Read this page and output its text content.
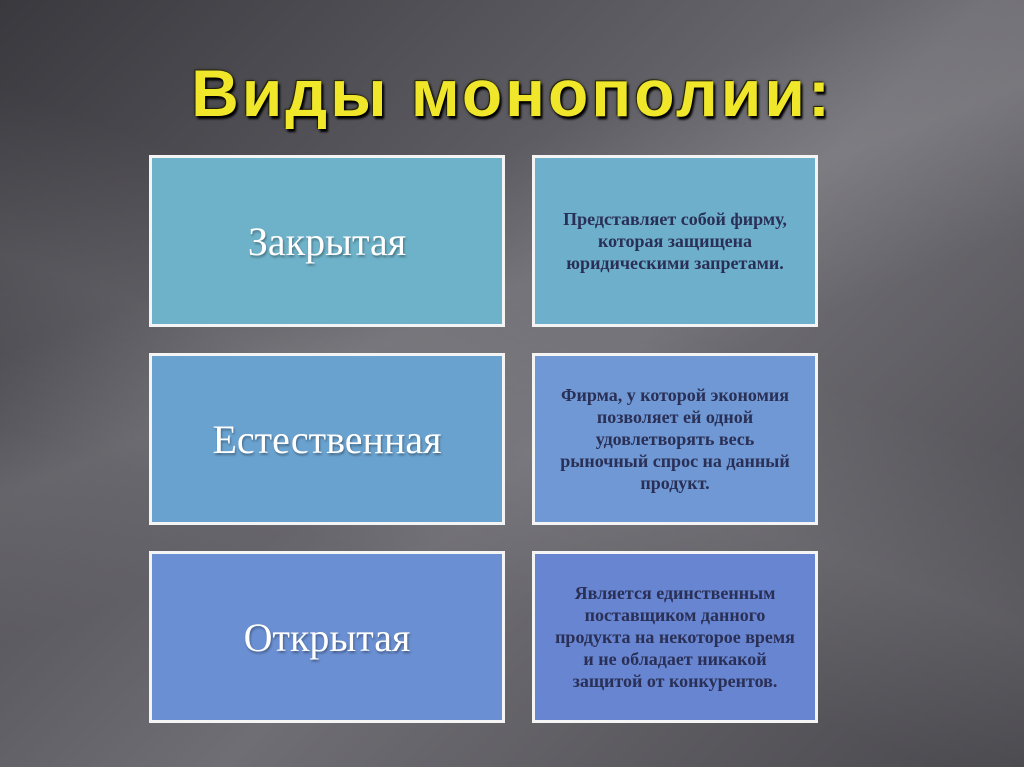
Виды монополии:
Закрытая	Представляет собой фирму, которая защищена юридическими запретами.
Естественная
Фирма, у которой экономия позволяет ей одной удовлетворять весь рыночный спрос на данный продукт.
Открытая
Является единственным поставщиком данного продукта на некоторое время и не обладает никакой защитой от конкурентов.
